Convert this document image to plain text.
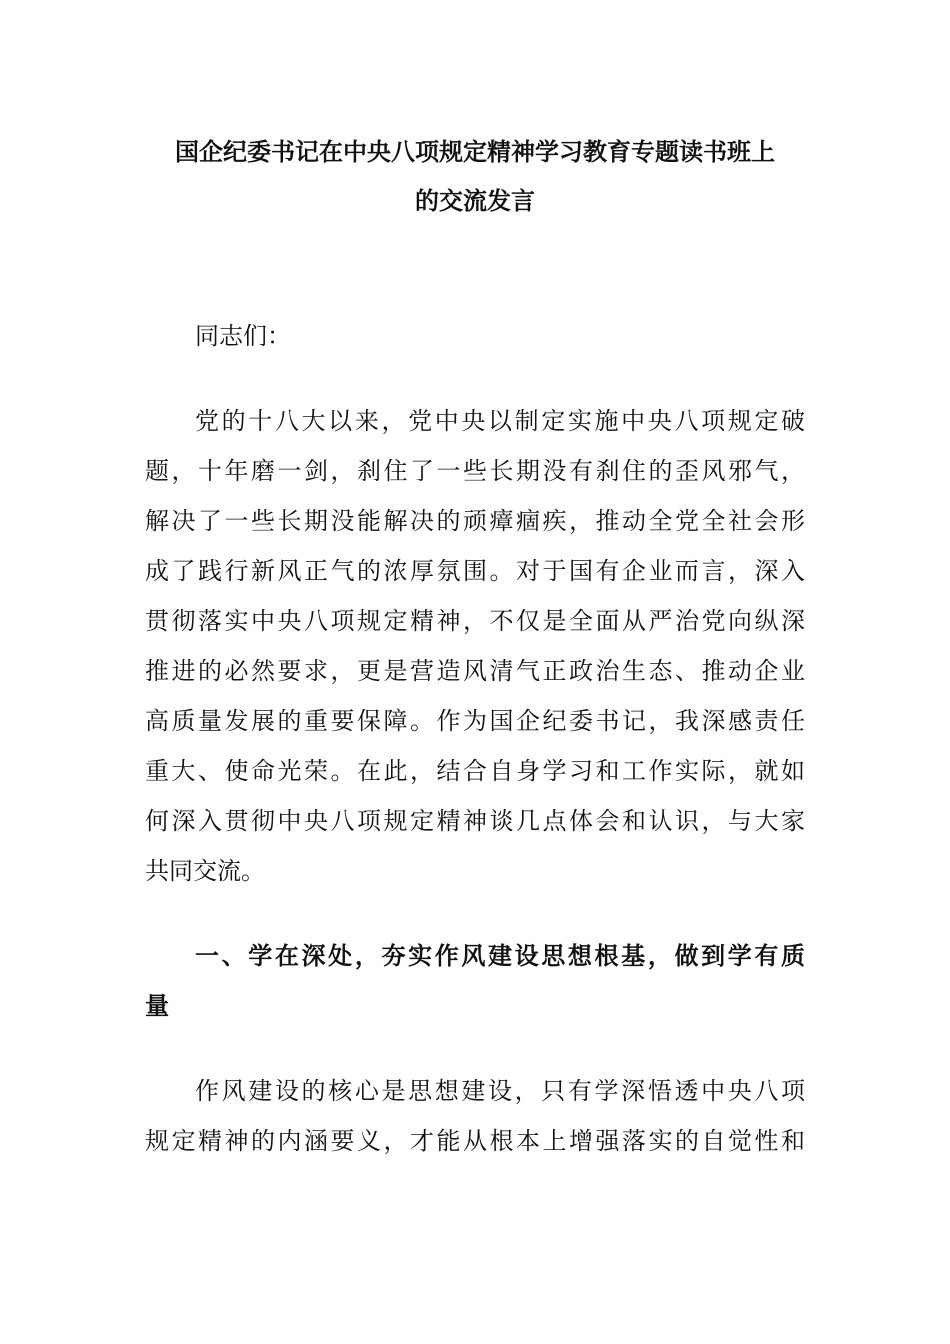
国企纪委书记在中央八项规定精神学习教育专题读书班上

的交流发言

同志们：

党的十八大以来，党中央以制定实施中央八项规定破

题，十年磨一剑，刹住了一些长期没有刹住的歪风邪气，

解决了一些长期没能解决的顽瘴痼疾，推动全党全社会形

成了践行新风正气的浓厚氛围。对于国有企业而言，深入

贯彻落实中央八项规定精神，不仅是全面从严治党向纵深

推进的必然要求，更是营造风清气正政治生态、推动企业

高质量发展的重要保障。作为国企纪委书记，我深感责任

重大、使命光荣。在此，结合自身学习和工作实际，就如

何深入贯彻中央八项规定精神谈几点体会和认识，与大家

共同交流。

一、学在深处，夯实作风建设思想根基，做到学有质

量

作风建设的核心是思想建设，只有学深悟透中央八项

规定精神的内涵要义，才能从根本上增强落实的自觉性和
